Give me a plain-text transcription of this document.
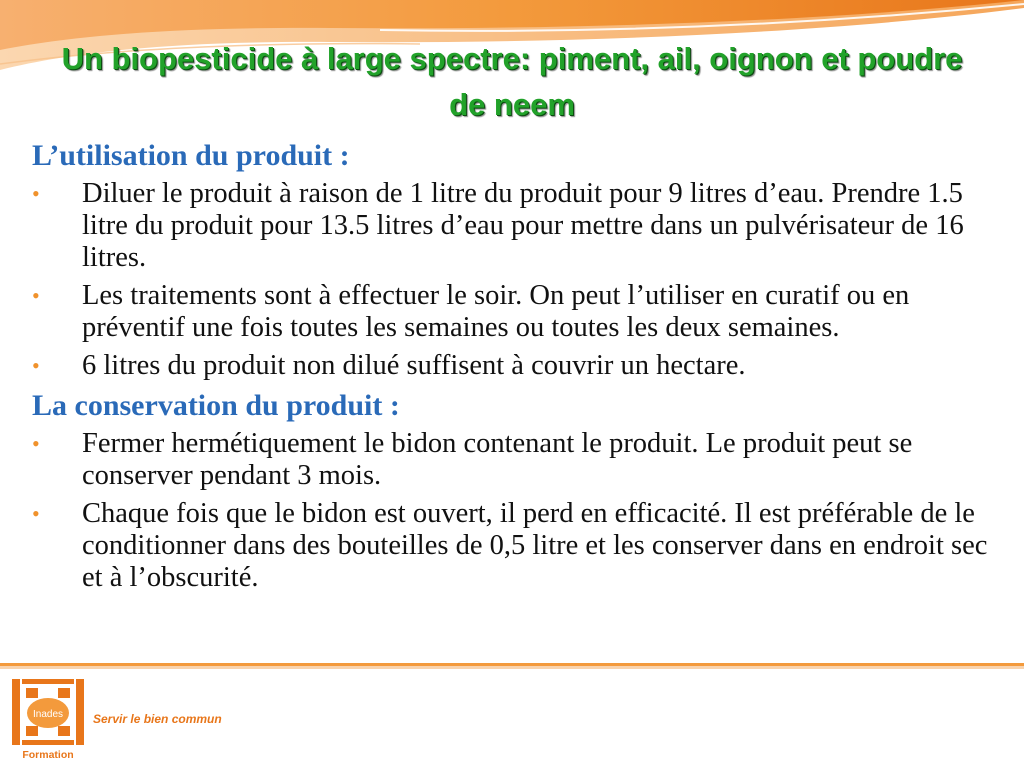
Un biopesticide à large spectre: piment, ail, oignon et poudre de neem
L’utilisation du produit :
• Diluer le produit à raison de 1 litre du produit pour 9 litres d’eau. Prendre 1.5 litre du produit pour 13.5 litres d’eau pour mettre dans un pulvérisateur de 16 litres.
• Les traitements sont à effectuer le soir. On peut l’utiliser en curatif ou en préventif une fois toutes les semaines ou toutes les deux semaines.
• 6 litres du produit non dilué suffisent à couvrir un hectare.
La conservation du produit :
• Fermer hermétiquement le bidon contenant le produit. Le produit peut se conserver pendant 3 mois.
• Chaque fois que le bidon est ouvert, il perd en efficacité. Il est préférable de le conditionner dans des bouteilles de 0,5 litre et les conserver dans en endroit sec et à l’obscurité.
Inades
Formation
Servir le bien commun
